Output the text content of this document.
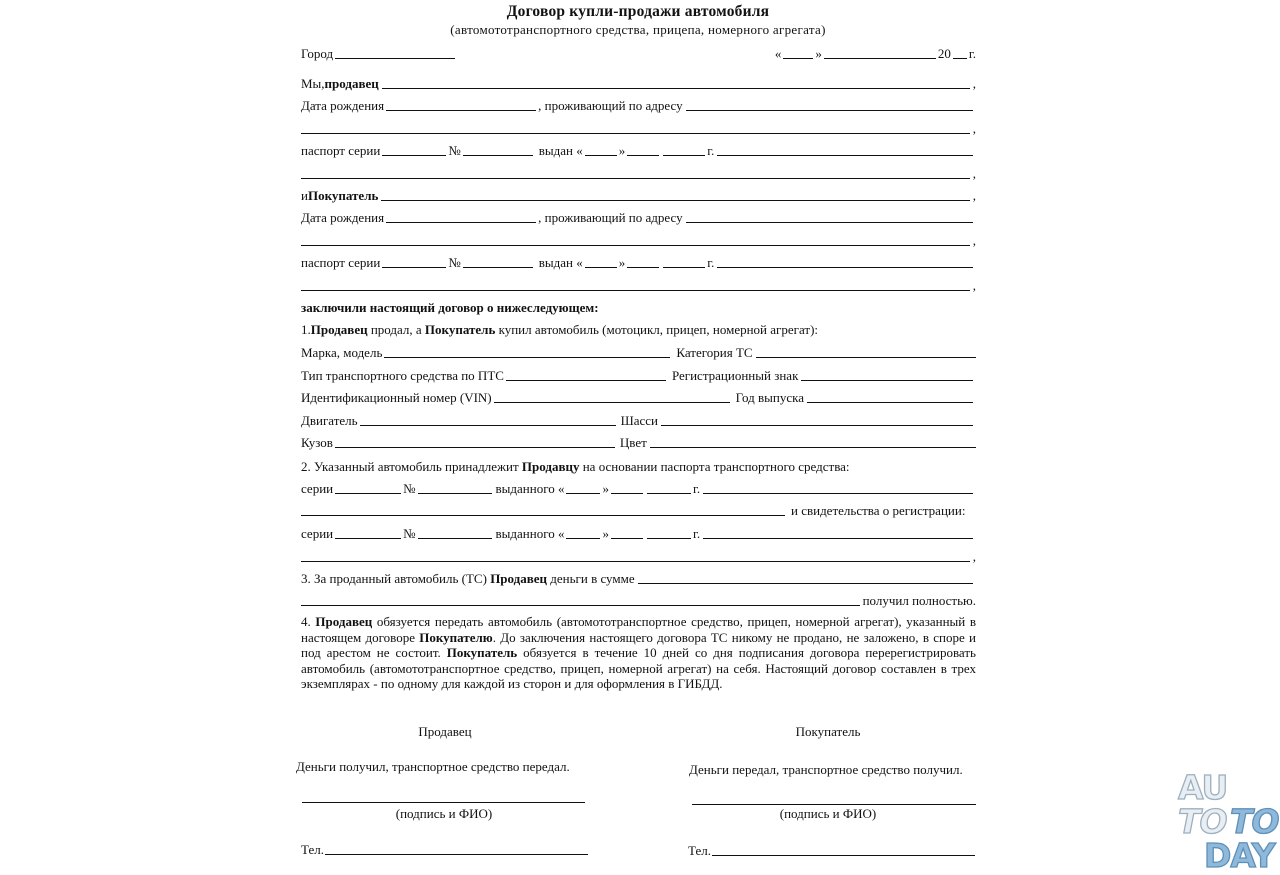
Договор купли-продажи автомобиля
(автомототранспортного средства, прицепа, номерного агрегата)
Город	«	»	20 г.
Мы, продавец	,
Дата рождения	, проживающий по адресу
,
паспорт серии	№	выдан «	»	г.
,
и Покупатель	,
Дата рождения	, проживающий по адресу
,
паспорт серии	№	выдан «	»	г.
,
заключили настоящий договор о нижеследующем:
1. Продавец продал, а Покупатель купил автомобиль (мотоцикл, прицеп, номерной агрегат):
Марка, модель	Категория ТС
Тип транспортного средства по ПТС	Регистрационный знак
Идентификационный номер (VIN)	Год выпуска
Двигатель	Шасси
Кузов	Цвет
2. Указанный автомобиль принадлежит Продавцу на основании паспорта транспортного средства:
серии	№	выданного «	»	г.
и свидетельства о регистрации:
серии	№	выданного «	»	г.
,
3. За проданный автомобиль (ТС) Продавец деньги в сумме
получил полностью.
4. Продавец обязуется передать автомобиль (автомототранспортное средство, прицеп, номерной агрегат), указанный в настоящем договоре Покупателю. До заключения настоящего договора ТС никому не продано, не заложено, в споре и под арестом не состоит. Покупатель обязуется в течение 10 дней со дня подписания договора перерегистрировать автомобиль (автомототранспортное средство, прицеп, номерной агрегат) на себя. Настоящий договор составлен в трех экземплярах - по одному для каждой из сторон и для оформления в ГИБДД.
Продавец	Покупатель
Деньги получил, транспортное средство передал.	Деньги передал, транспортное средство получил.
(подпись и ФИО)	(подпись и ФИО)
Тел.	Тел.
AU
TO TO
DAY
